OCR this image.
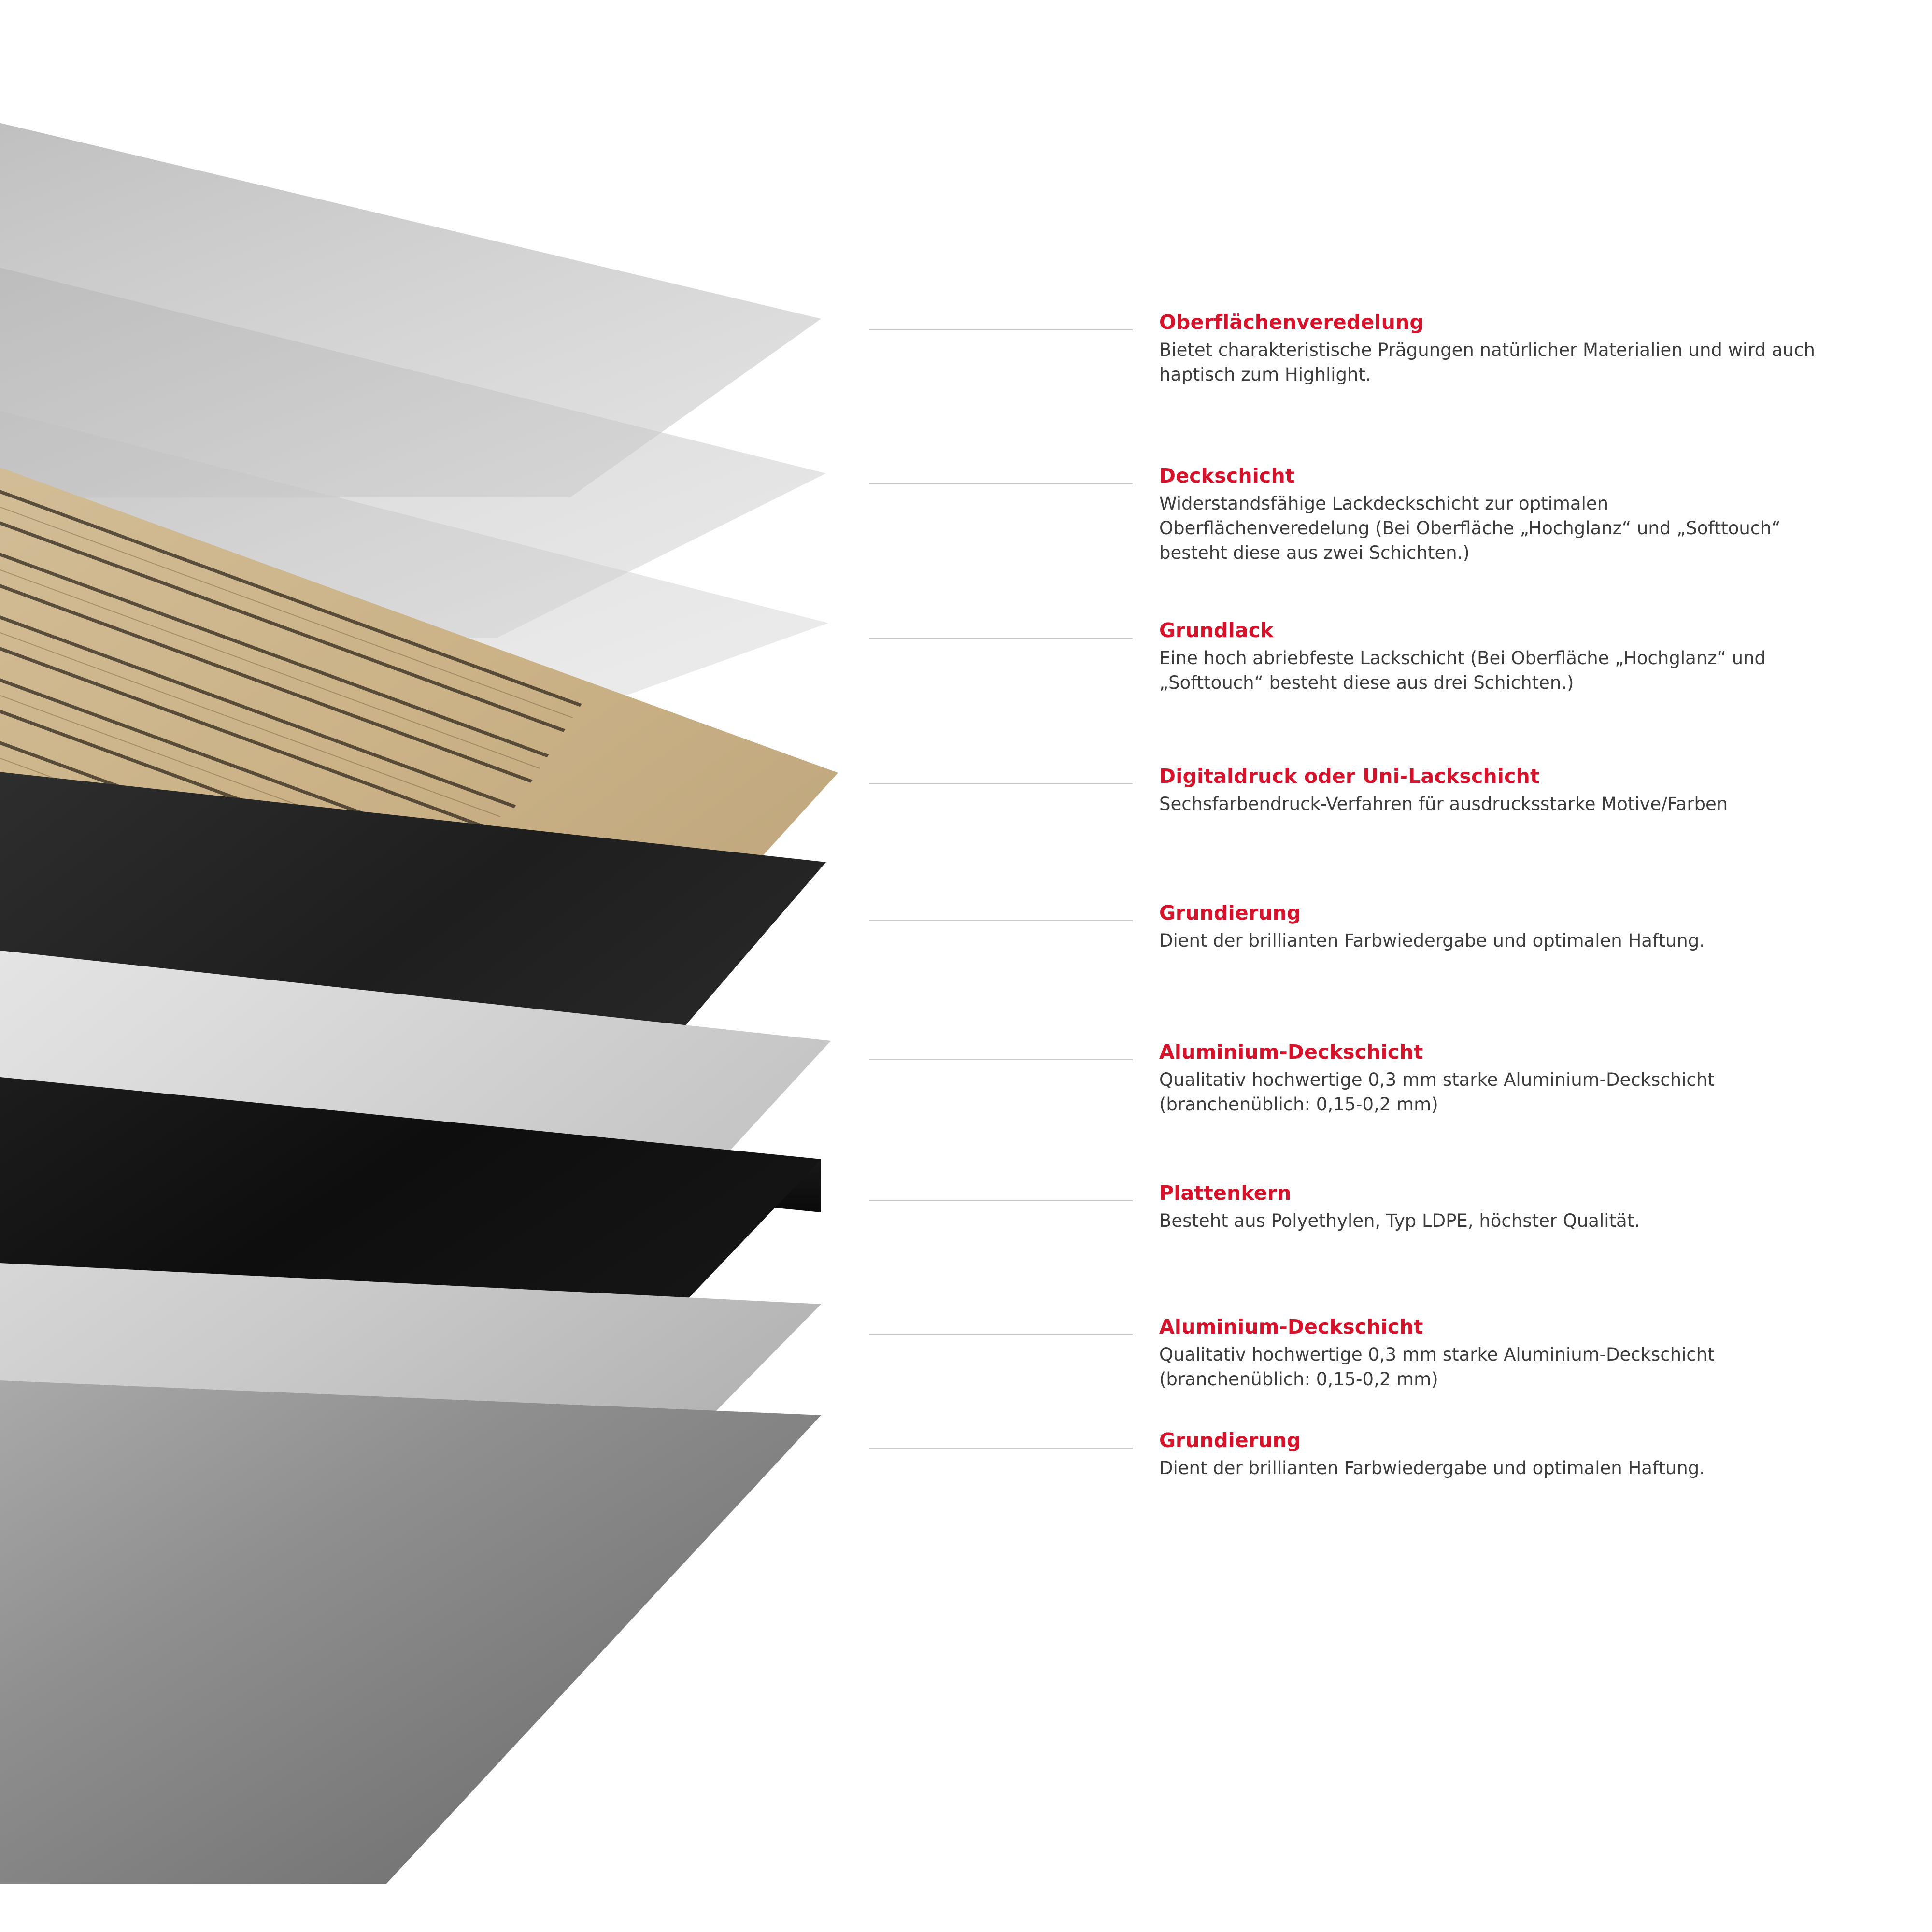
Oberflächenveredelung

Bietet charakteristische Prägungen natürlicher Materialien und wird auch haptisch zum Highlight.

Deckschicht

Widerstandsfähige Lackdeckschicht zur optimalen Oberflächenveredelung (Bei Oberfläche „Hochglanz“ und „Softtouch“ besteht diese aus zwei Schichten.)

Grundlack

Eine hoch abriebfeste Lackschicht (Bei Oberfläche „Hochglanz“ und „Softtouch“ besteht diese aus drei Schichten.)

Digitaldruck oder Uni-Lackschicht

Sechsfarbendruck-Verfahren für ausdrucksstarke Motive/Farben

Grundierung

Dient der brillianten Farbwiedergabe und optimalen Haftung.

Aluminium-Deckschicht

Qualitativ hochwertige 0,3 mm starke Aluminium-Deckschicht (branchenüblich: 0,15-0,2 mm)

Plattenkern

Besteht aus Polyethylen, Typ LDPE, höchster Qualität.

Aluminium-Deckschicht

Qualitativ hochwertige 0,3 mm starke Aluminium-Deckschicht (branchenüblich: 0,15-0,2 mm)

Grundierung

Dient der brillianten Farbwiedergabe und optimalen Haftung.
